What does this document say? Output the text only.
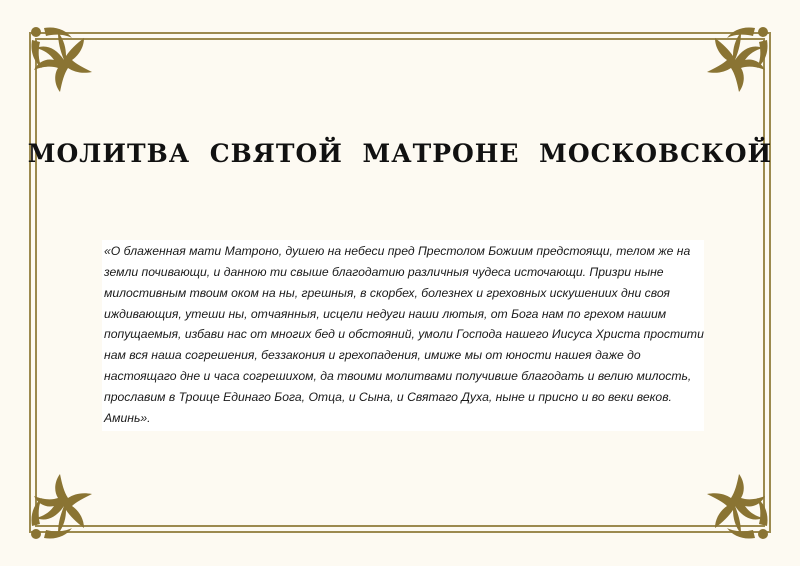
МОЛИТВА СВЯТОЙ МАТРОНЕ МОСКОВСКОЙ

«О блаженная мати Матроно, душею на небеси пред Престолом Божиим предстоящи, телом же на земли почивающи, и данною ти свыше благодатию различныя чудеса источающи. Призри ныне милостивным твоим оком на ны, грешныя, в скорбех, болезнех и греховных искушениих дни своя иждивающия, утеши ны, отчаянныя, исцели недуги наши лютыя, от Бога нам по грехом нашим попущаемыя, избави нас от многих бед и обстояний, умоли Господа нашего Иисуса Христа простити нам вся наша согрешения, беззакония и грехопадения, имиже мы от юности нашея даже до настоящаго дне и часа согрешихом, да твоими молитвами получивше благодать и велию милость, прославим в Троице Единаго Бога, Отца, и Сына, и Святаго Духа, ныне и присно и во веки веков. Аминь».
